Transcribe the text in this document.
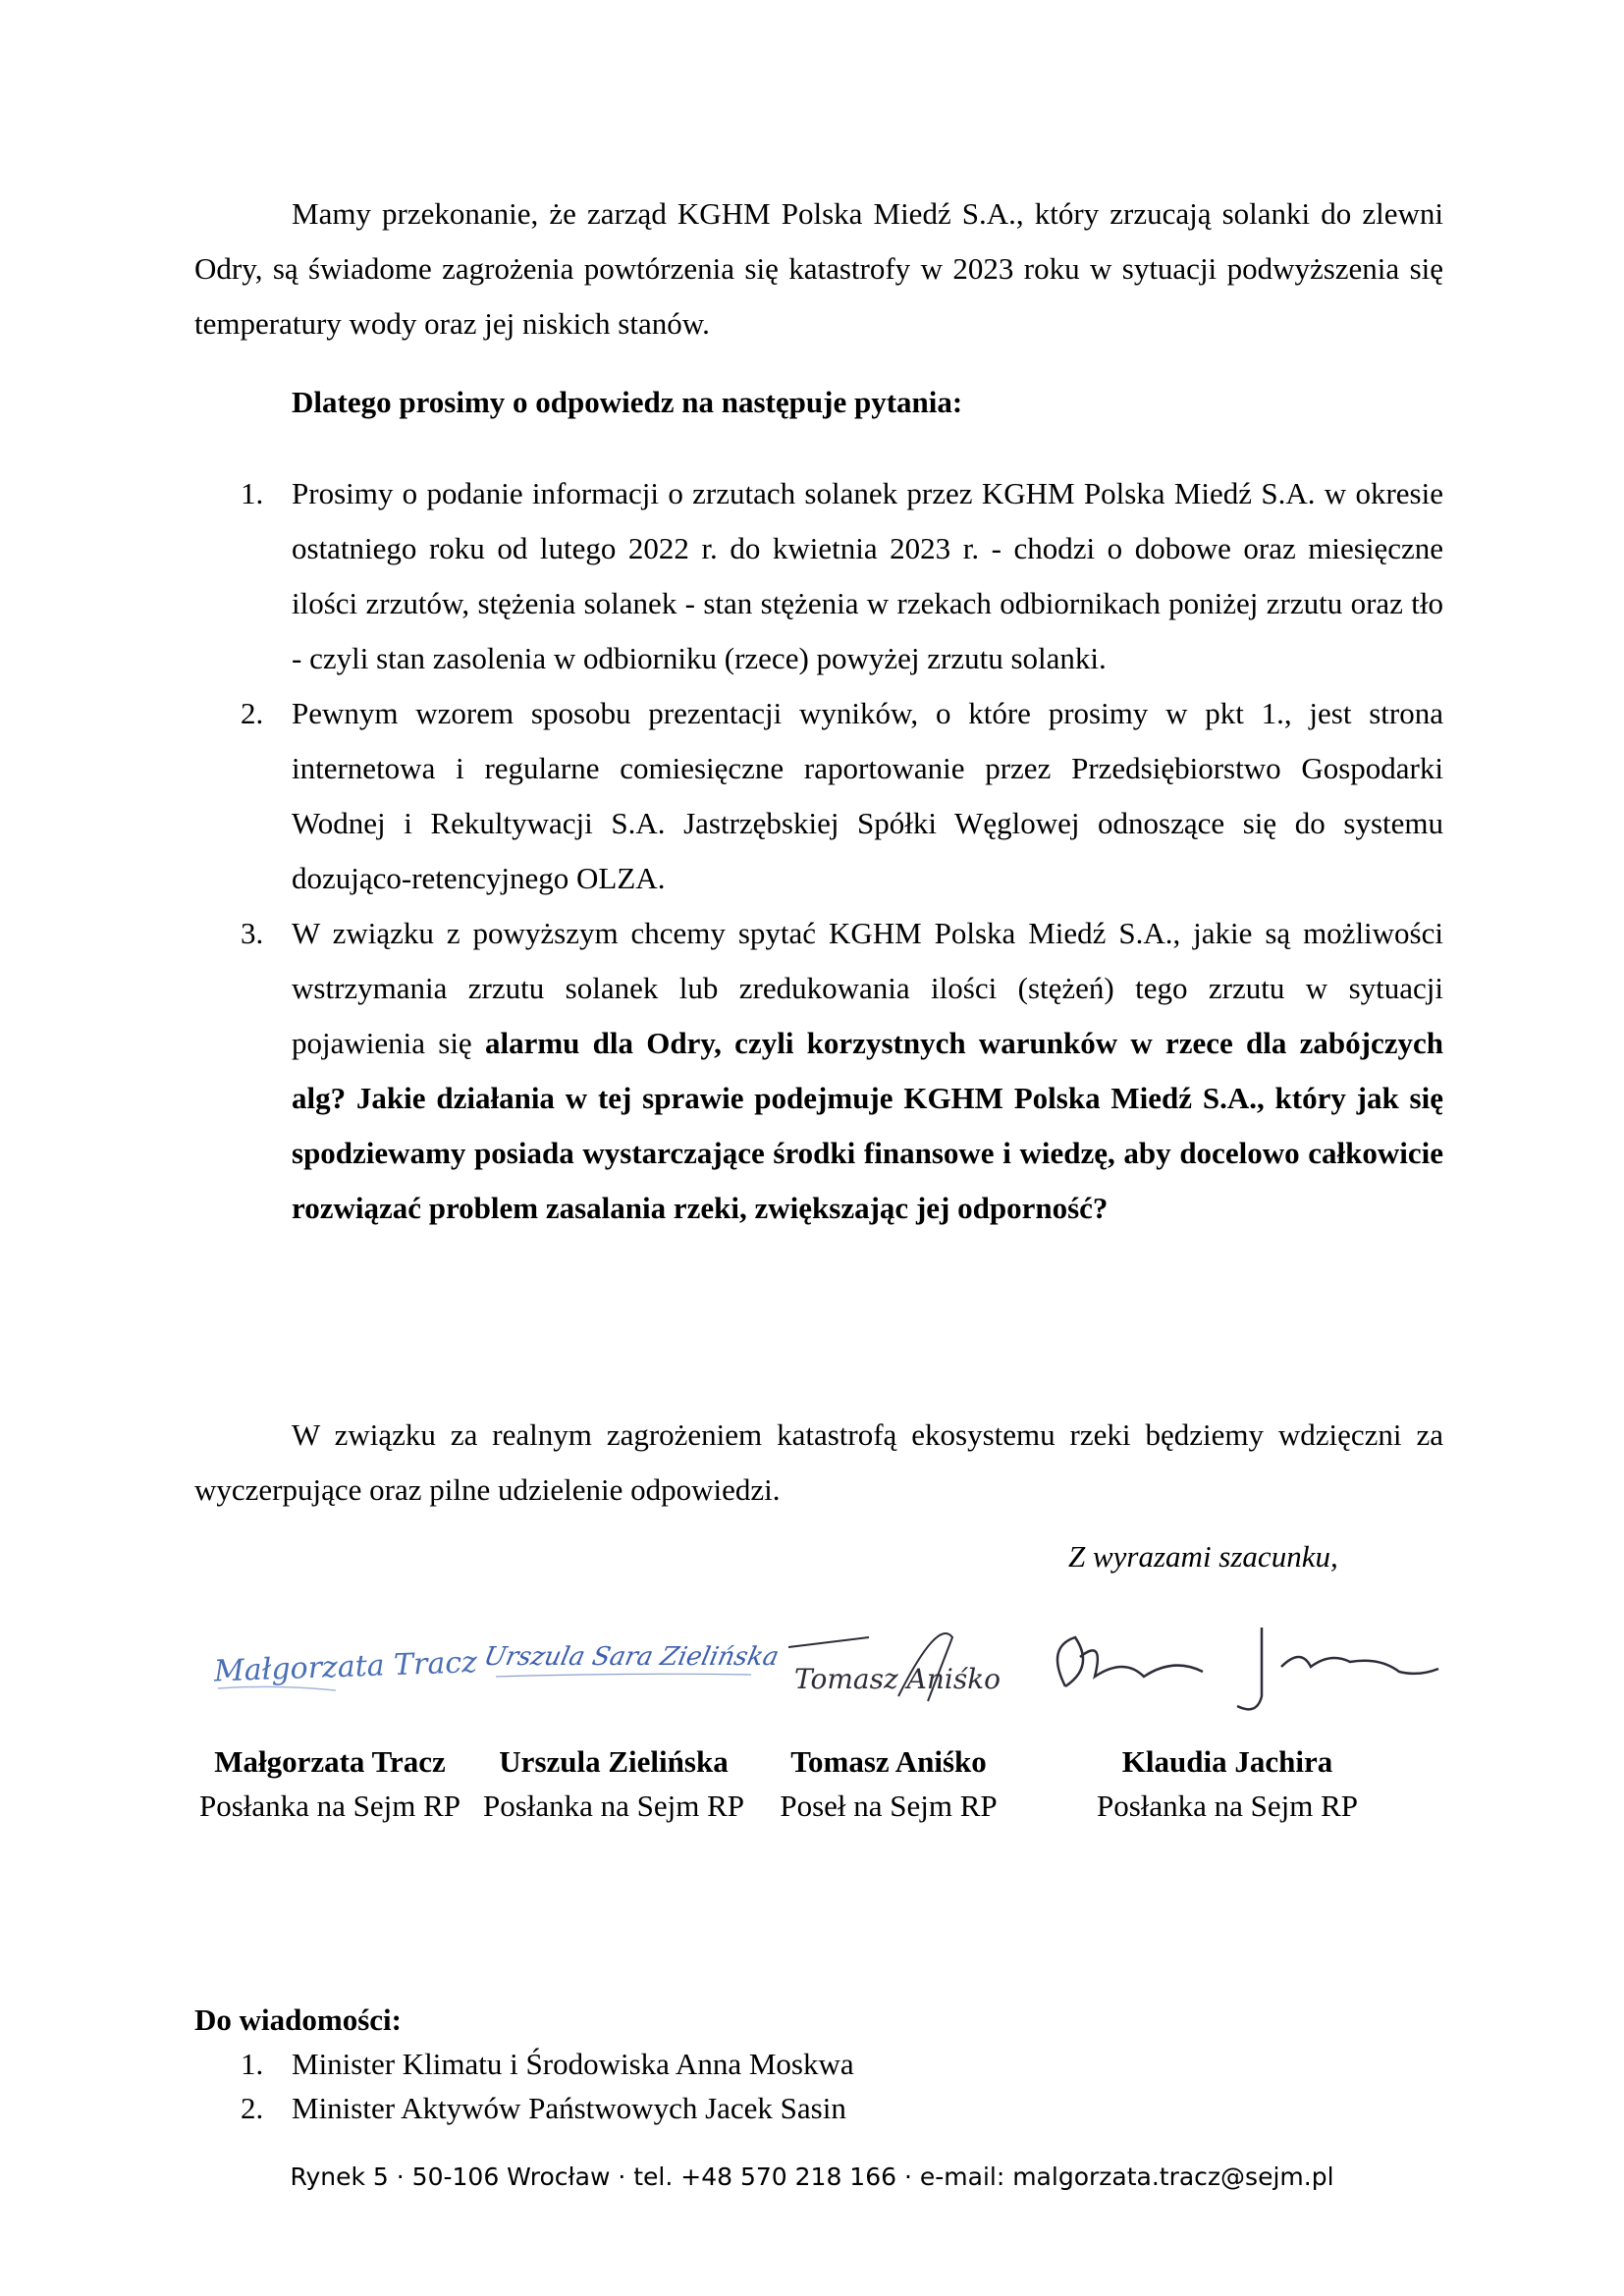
Mamy przekonanie, że zarząd KGHM Polska Miedź S.A., który zrzucają solanki do zlewni Odry, są świadome zagrożenia powtórzenia się katastrofy w 2023 roku w sytuacji podwyższenia się temperatury wody oraz jej niskich stanów.

Dlatego prosimy o odpowiedz na następuje pytania:

1. Prosimy o podanie informacji o zrzutach solanek przez KGHM Polska Miedź S.A. w okresie ostatniego roku od lutego 2022 r. do kwietnia 2023 r. - chodzi o dobowe oraz miesięczne ilości zrzutów, stężenia solanek - stan stężenia w rzekach odbiornikach poniżej zrzutu oraz tło - czyli stan zasolenia w odbiorniku (rzece) powyżej zrzutu solanki.
2. Pewnym wzorem sposobu prezentacji wyników, o które prosimy w pkt 1., jest strona internetowa i regularne comiesięczne raportowanie przez Przedsiębiorstwo Gospodarki Wodnej i Rekultywacji S.A. Jastrzębskiej Spółki Węglowej odnoszące się do systemu dozująco-retencyjnego OLZA.
3. W związku z powyższym chcemy spytać KGHM Polska Miedź S.A., jakie są możliwości wstrzymania zrzutu solanek lub zredukowania ilości (stężeń) tego zrzutu w sytuacji pojawienia się alarmu dla Odry, czyli korzystnych warunków w rzece dla zabójczych alg? Jakie działania w tej sprawie podejmuje KGHM Polska Miedź S.A., który jak się spodziewamy posiada wystarczające środki finansowe i wiedzę, aby docelowo całkowicie rozwiązać problem zasalania rzeki, zwiększając jej odporność?

W związku za realnym zagrożeniem katastrofą ekosystemu rzeki będziemy wdzięczni za wyczerpujące oraz pilne udzielenie odpowiedzi.

Z wyrazami szacunku,

Małgorzata Tracz Urszula Sara Zielińska
Tomasz Aniśko
Małgorzata Tracz
Posłanka na Sejm RP
Urszula Zielińska
Posłanka na Sejm RP
Tomasz Aniśko
Poseł na Sejm RP
Klaudia Jachira
Posłanka na Sejm RP

Do wiadomości:

1. Minister Klimatu i Środowiska Anna Moskwa
2. Minister Aktywów Państwowych Jacek Sasin
Rynek 5 · 50-106 Wrocław · tel. +48 570 218 166 · e-mail: malgorzata.tracz@sejm.pl
